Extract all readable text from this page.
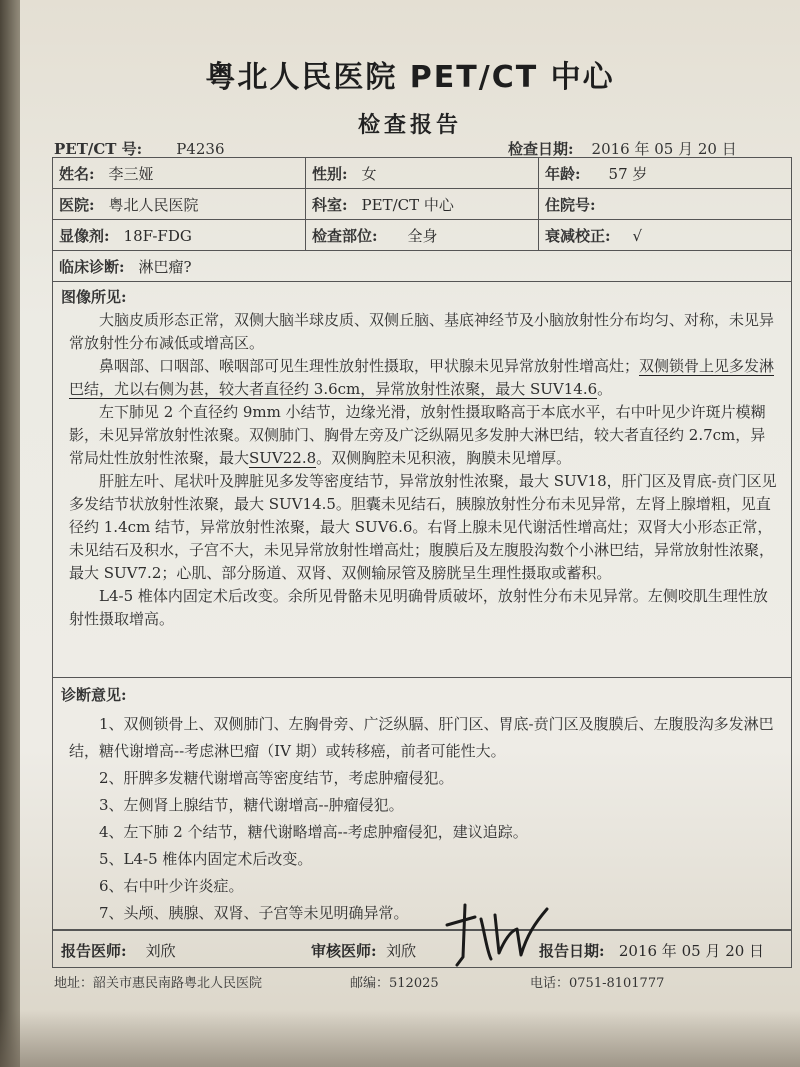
粤北人民医院 PET/CT 中心
检查报告
PET/CT 号: P4236	检查日期: 2016 年 05 月 20 日
姓名: 李三娅	性别: 女	年龄: 57 岁
医院: 粤北人民医院	科室: PET/CT 中心	住院号:
显像剂: 18F-FDG	检查部位: 全身	衰减校正: √
临床诊断: 淋巴瘤?		
图像所见:

大脑皮质形态正常，双侧大脑半球皮质、双侧丘脑、基底神经节及小脑放射性分布均匀、对称，未见异常放射性分布减低或增高区。

鼻咽部、口咽部、喉咽部可见生理性放射性摄取，甲状腺未见异常放射性增高灶；双侧锁骨上见多发淋巴结，尤以右侧为甚，较大者直径约 3.6cm，异常放射性浓聚，最大 SUV14.6。

左下肺见 2 个直径约 9mm 小结节，边缘光滑，放射性摄取略高于本底水平，右中叶见少许斑片模糊影，未见异常放射性浓聚。双侧肺门、胸骨左旁及广泛纵隔见多发肿大淋巴结，较大者直径约 2.7cm，异常局灶性放射性浓聚，最大SUV22.8。双侧胸腔未见积液，胸膜未见增厚。

肝脏左叶、尾状叶及脾脏见多发等密度结节，异常放射性浓聚，最大 SUV18，肝门区及胃底-贲门区见多发结节状放射性浓聚，最大 SUV14.5。胆囊未见结石，胰腺放射性分布未见异常，左肾上腺增粗，见直径约 1.4cm 结节，异常放射性浓聚，最大 SUV6.6。右肾上腺未见代谢活性增高灶；双肾大小形态正常，未见结石及积水，子宫不大，未见异常放射性增高灶；腹膜后及左腹股沟数个小淋巴结，异常放射性浓聚，最大 SUV7.2；心肌、部分肠道、双肾、双侧输尿管及膀胱呈生理性摄取或蓄积。

L4-5 椎体内固定术后改变。余所见骨骼未见明确骨质破坏，放射性分布未见异常。左侧咬肌生理性放射性摄取增高。

诊断意见:

1、双侧锁骨上、双侧肺门、左胸骨旁、广泛纵膈、肝门区、胃底-贲门区及腹膜后、左腹股沟多发淋巴结，糖代谢增高--考虑淋巴瘤（IV 期）或转移癌，前者可能性大。

2、肝脾多发糖代谢增高等密度结节，考虑肿瘤侵犯。

3、左侧肾上腺结节，糖代谢增高--肿瘤侵犯。

4、左下肺 2 个结节，糖代谢略增高--考虑肿瘤侵犯，建议追踪。

5、L4-5 椎体内固定术后改变。

6、右中叶少许炎症。

7、头颅、胰腺、双肾、子宫等未见明确异常。

报告医师: 刘欣	审核医师: 刘欣	报告日期: 2016 年 05 月 20 日
地址：韶关市惠民南路粤北人民医院	邮编：512025	电话：0751-8101777
